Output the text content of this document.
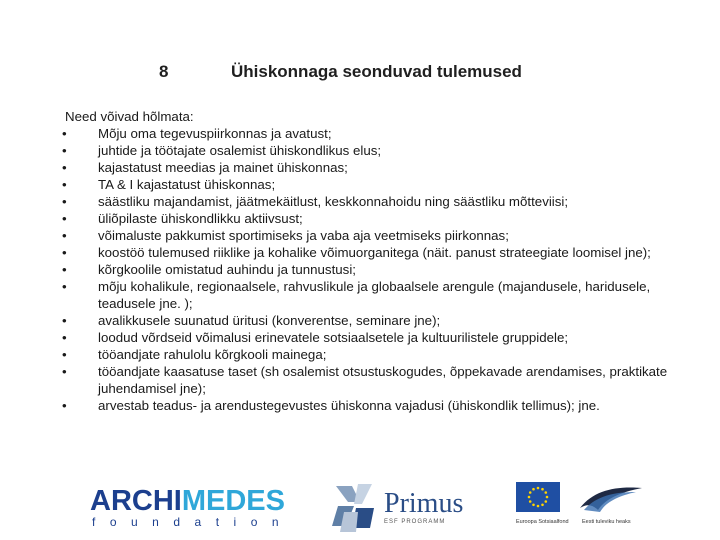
8	Ühiskonnaga seonduvad tulemused
Need võivad hõlmata:
• Mõju oma tegevuspiirkonnas ja avatust;
• juhtide ja töötajate osalemist ühiskondlikus elus;
• kajastatust meedias ja mainet ühiskonnas;
• TA & I kajastatust ühiskonnas;
• säästliku majandamist, jäätmekäitlust, keskkonnahoidu ning säästliku mõtteviisi;
• üliõpilaste ühiskondlikku aktiivsust;
• võimaluste pakkumist sportimiseks ja vaba aja veetmiseks piirkonnas;
• koostöö tulemused riiklike ja kohalike võimuorganitega (näit. panust strateegiate loomisel jne);
• kõrgkoolile omistatud auhindu ja tunnustusi;
• mõju kohalikule, regionaalsele, rahvuslikule ja globaalsele arengule (majandusele, haridusele, teadusele jne. );
• avalikkusele suunatud üritusi (konverentse, seminare jne);
• loodud võrdseid võimalusi erinevatele sotsiaalsetele ja kultuurilistele gruppidele;
• tööandjate rahulolu kõrgkooli mainega;
• tööandjate kaasatuse taset (sh osalemist otsustuskogudes, õppekavade arendamises, praktikate juhendamisel jne);
• arvestab teadus- ja arendustegevustes ühiskonna vajadusi (ühiskondlik tellimus); jne.
ARCHIMEDES
foundation
Primus
ESF PROGRAMM	Euroopa Sotsiaalfond	Eesti tuleviku heaks
